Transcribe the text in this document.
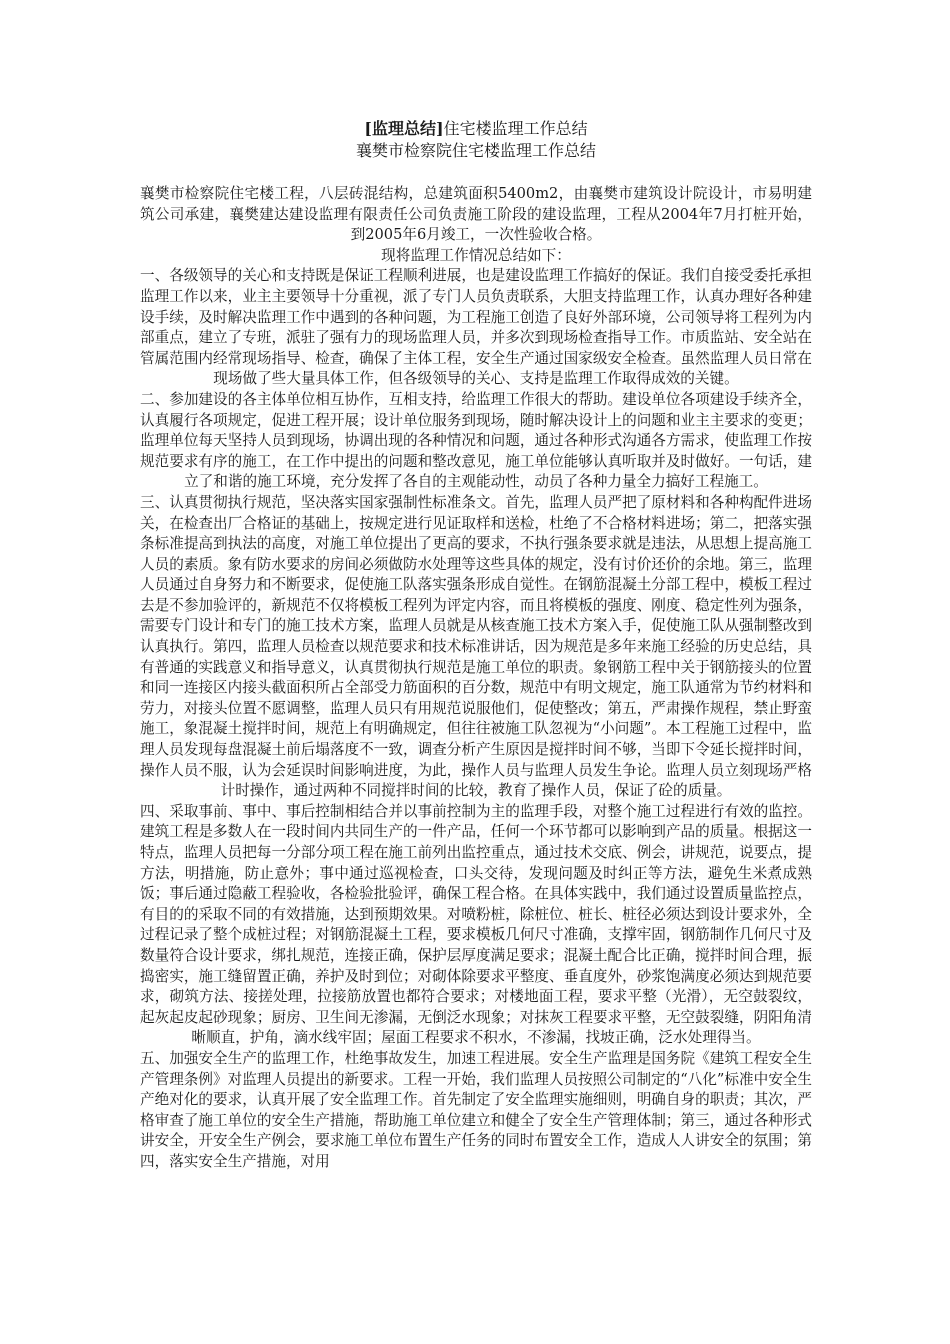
[监理总结]住宅楼监理工作总结

襄樊市检察院住宅楼监理工作总结

襄樊市检察院住宅楼工程，八层砖混结构，总建筑面积5400m2，由襄樊市建筑设计院设计，市易明建筑公司承建，襄樊建达建设监理有限责任公司负责施工阶段的建设监理，工程从2004年7月打桩开始，到2005年6月竣工，一次性验收合格。

现将监理工作情况总结如下：

一、各级领导的关心和支持既是保证工程顺利进展，也是建设监理工作搞好的保证。我们自接受委托承担监理工作以来，业主主要领导十分重视，派了专门人员负责联系，大胆支持监理工作，认真办理好各种建设手续，及时解决监理工作中遇到的各种问题，为工程施工创造了良好外部环境，公司领导将工程列为内部重点，建立了专班，派驻了强有力的现场监理人员，并多次到现场检查指导工作。市质监站、安全站在管属范围内经常现场指导、检查，确保了主体工程，安全生产通过国家级安全检查。虽然监理人员日常在现场做了些大量具体工作，但各级领导的关心、支持是监理工作取得成效的关键。

二、参加建设的各主体单位相互协作，互相支持，给监理工作很大的帮助。建设单位各项建设手续齐全，认真履行各项规定，促进工程开展；设计单位服务到现场，随时解决设计上的问题和业主主要求的变更；监理单位每天坚持人员到现场，协调出现的各种情况和问题，通过各种形式沟通各方需求，使监理工作按规范要求有序的施工，在工作中提出的问题和整改意见，施工单位能够认真听取并及时做好。一句话，建立了和谐的施工环境，充分发挥了各自的主观能动性，动员了各种力量全力搞好工程施工。

三、认真贯彻执行规范，坚决落实国家强制性标准条文。首先，监理人员严把了原材料和各种构配件进场关，在检查出厂合格证的基础上，按规定进行见证取样和送检，杜绝了不合格材料进场；第二，把落实强条标准提高到执法的高度，对施工单位提出了更高的要求，不执行强条要求就是违法，从思想上提高施工人员的素质。象有防水要求的房间必须做防水处理等这些具体的规定，没有讨价还价的余地。第三，监理人员通过自身努力和不断要求，促使施工队落实强条形成自觉性。在钢筋混凝土分部工程中，模板工程过去是不参加验评的，新规范不仅将模板工程列为评定内容，而且将模板的强度、刚度、稳定性列为强条，需要专门设计和专门的施工技术方案，监理人员就是从核查施工技术方案入手，促使施工队从强制整改到认真执行。第四，监理人员检查以规范要求和技术标准讲话，因为规范是多年来施工经验的历史总结，具有普通的实践意义和指导意义，认真贯彻执行规范是施工单位的职责。象钢筋工程中关于钢筋接头的位置和同一连接区内接头截面积所占全部受力筋面积的百分数，规范中有明文规定，施工队通常为节约材料和劳力，对接头位置不愿调整，监理人员只有用规范说服他们，促使整改；第五，严肃操作规程，禁止野蛮施工，象混凝土搅拌时间，规范上有明确规定，但往往被施工队忽视为“小问题”。本工程施工过程中，监理人员发现每盘混凝土前后塌落度不一致，调查分析产生原因是搅拌时间不够，当即下令延长搅拌时间，操作人员不服，认为会延误时间影响进度，为此，操作人员与监理人员发生争论。监理人员立刻现场严格计时操作，通过两种不同搅拌时间的比较，教育了操作人员，保证了砼的质量。

四、采取事前、事中、事后控制相结合并以事前控制为主的监理手段，对整个施工过程进行有效的监控。建筑工程是多数人在一段时间内共同生产的一件产品，任何一个环节都可以影响到产品的质量。根据这一特点，监理人员把每一分部分项工程在施工前列出监控重点，通过技术交底、例会，讲规范，说要点，提方法，明措施，防止意外；事中通过巡视检查，口头交待，发现问题及时纠正等方法，避免生米煮成熟饭；事后通过隐蔽工程验收，各检验批验评，确保工程合格。在具体实践中，我们通过设置质量监控点，有目的的采取不同的有效措施，达到预期效果。对喷粉桩，除桩位、桩长、桩径必须达到设计要求外，全过程记录了整个成桩过程；对钢筋混凝土工程，要求模板几何尺寸准确，支撑牢固，钢筋制作几何尺寸及数量符合设计要求，绑扎规范，连接正确，保护层厚度满足要求；混凝土配合比正确，搅拌时间合理，振捣密实，施工缝留置正确，养护及时到位；对砌体除要求平整度、垂直度外，砂浆饱满度必须达到规范要求，砌筑方法、接搓处理，拉接筋放置也都符合要求；对楼地面工程，要求平整（光滑），无空鼓裂纹，起灰起皮起砂现象；厨房、卫生间无渗漏，无倒泛水现象；对抹灰工程要求平整，无空鼓裂缝，阴阳角清晰顺直，护角，滴水线牢固；屋面工程要求不积水，不渗漏，找坡正确，泛水处理得当。

五、加强安全生产的监理工作，杜绝事故发生，加速工程进展。安全生产监理是国务院《建筑工程安全生产管理条例》对监理人员提出的新要求。工程一开始，我们监理人员按照公司制定的“八化”标准中安全生产绝对化的要求，认真开展了安全监理工作。首先制定了安全监理实施细则，明确自身的职责；其次，严格审查了施工单位的安全生产措施，帮助施工单位建立和健全了安全生产管理体制；第三，通过各种形式讲安全，开安全生产例会，要求施工单位布置生产任务的同时布置安全工作，造成人人讲安全的氛围；第四，落实安全生产措施，对用
